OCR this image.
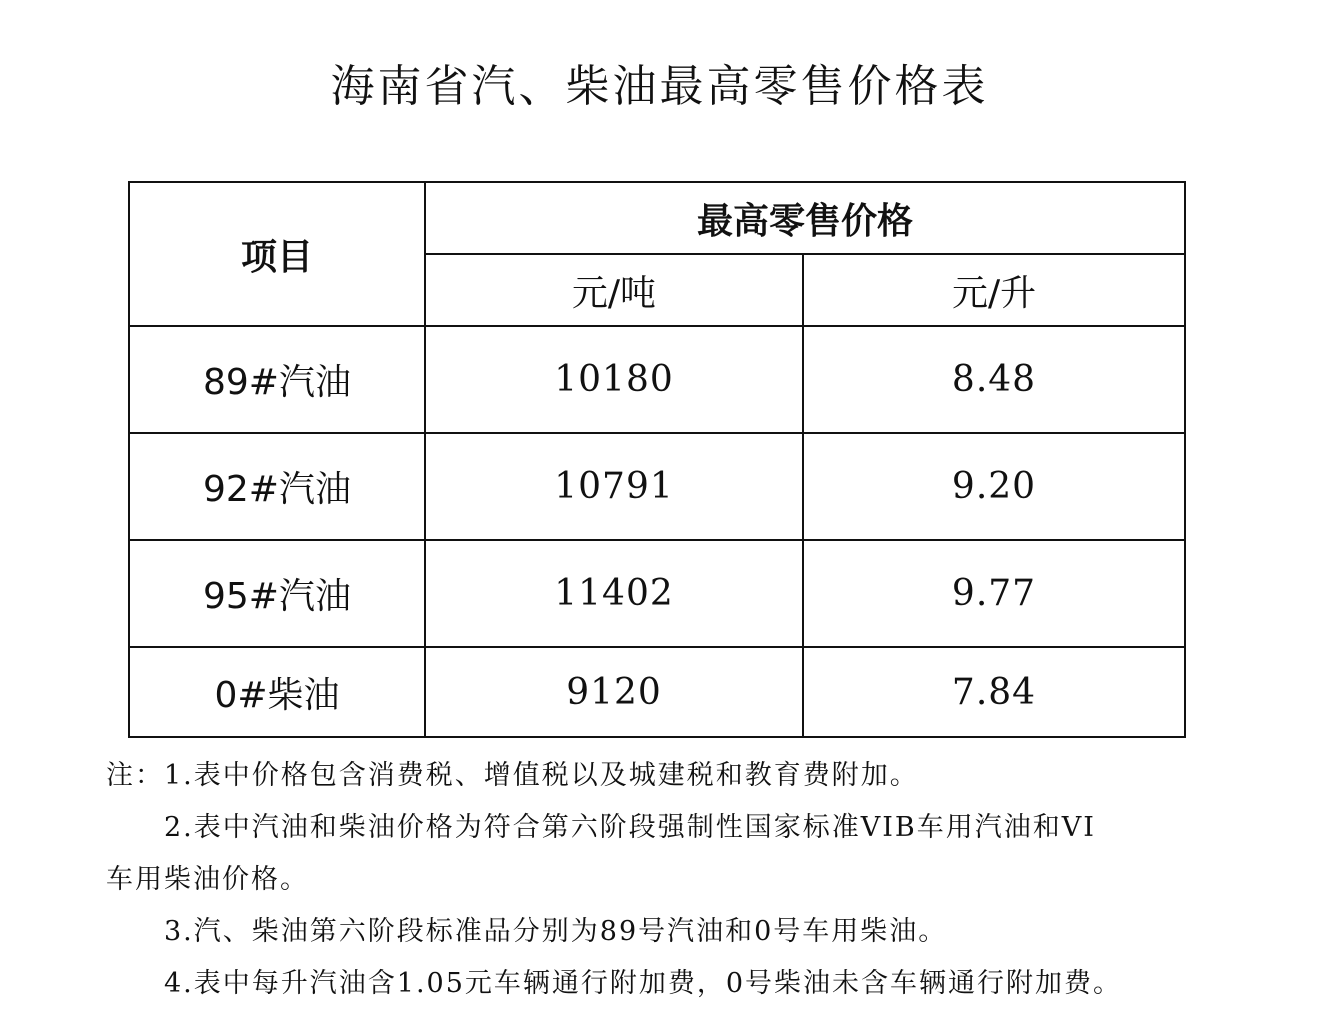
海南省汽、柴油最高零售价格表
项目	最高零售价格	
	元/吨	元/升
89#汽油	10180	8.48
92#汽油	10791	9.20
95#汽油	11402	9.77
0#柴油	9120	7.84

注：1.表中价格包含消费税、增值税以及城建税和教育费附加。

2.表中汽油和柴油价格为符合第六阶段强制性国家标准VIB车用汽油和VI

车用柴油价格。

3.汽、柴油第六阶段标准品分别为89号汽油和0号车用柴油。

4.表中每升汽油含1.05元车辆通行附加费，0号柴油未含车辆通行附加费。
